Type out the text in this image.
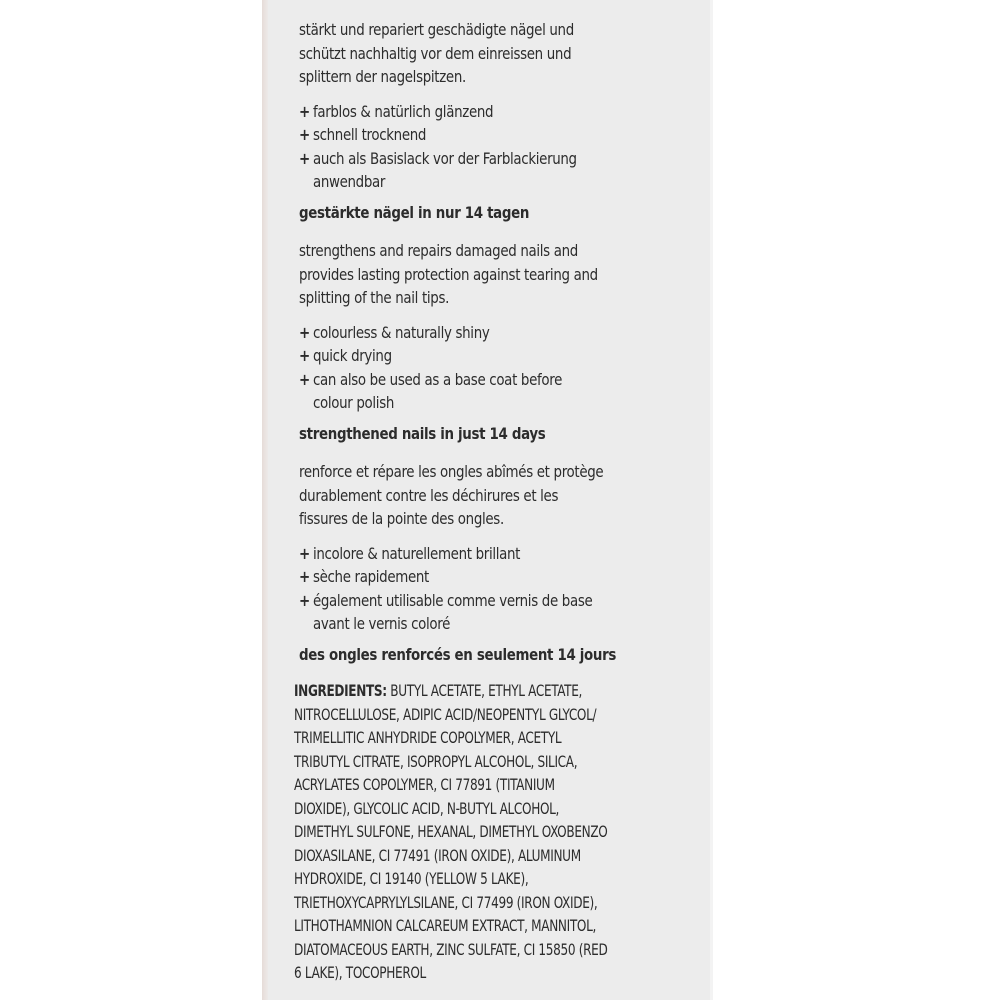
stärkt und repariert geschädigte nägel und
schützt nachhaltig vor dem einreissen und
splittern der nagelspitzen.
+ farblos & natürlich glänzend
+ schnell trocknend
+ auch als Basislack vor der Farblackierung
anwendbar
gestärkte nägel in nur 14 tagen
strengthens and repairs damaged nails and
provides lasting protection against tearing and
splitting of the nail tips.
+ colourless & naturally shiny
+ quick drying
+ can also be used as a base coat before
colour polish
strengthened nails in just 14 days
renforce et répare les ongles abîmés et protège
durablement contre les déchirures et les
fissures de la pointe des ongles.
+ incolore & naturellement brillant
+ sèche rapidement
+ également utilisable comme vernis de base
avant le vernis coloré
des ongles renforcés en seulement 14 jours
INGREDIENTS: BUTYL ACETATE, ETHYL ACETATE,
NITROCELLULOSE, ADIPIC ACID/NEOPENTYL GLYCOL/
TRIMELLITIC ANHYDRIDE COPOLYMER, ACETYL
TRIBUTYL CITRATE, ISOPROPYL ALCOHOL, SILICA,
ACRYLATES COPOLYMER, CI 77891 (TITANIUM
DIOXIDE), GLYCOLIC ACID, N-BUTYL ALCOHOL,
DIMETHYL SULFONE, HEXANAL, DIMETHYL OXOBENZO
DIOXASILANE, CI 77491 (IRON OXIDE), ALUMINUM
HYDROXIDE, CI 19140 (YELLOW 5 LAKE),
TRIETHOXYCAPRYLYLSILANE, CI 77499 (IRON OXIDE),
LITHOTHAMNION CALCAREUM EXTRACT, MANNITOL,
DIATOMACEOUS EARTH, ZINC SULFATE, CI 15850 (RED
6 LAKE), TOCOPHEROL
